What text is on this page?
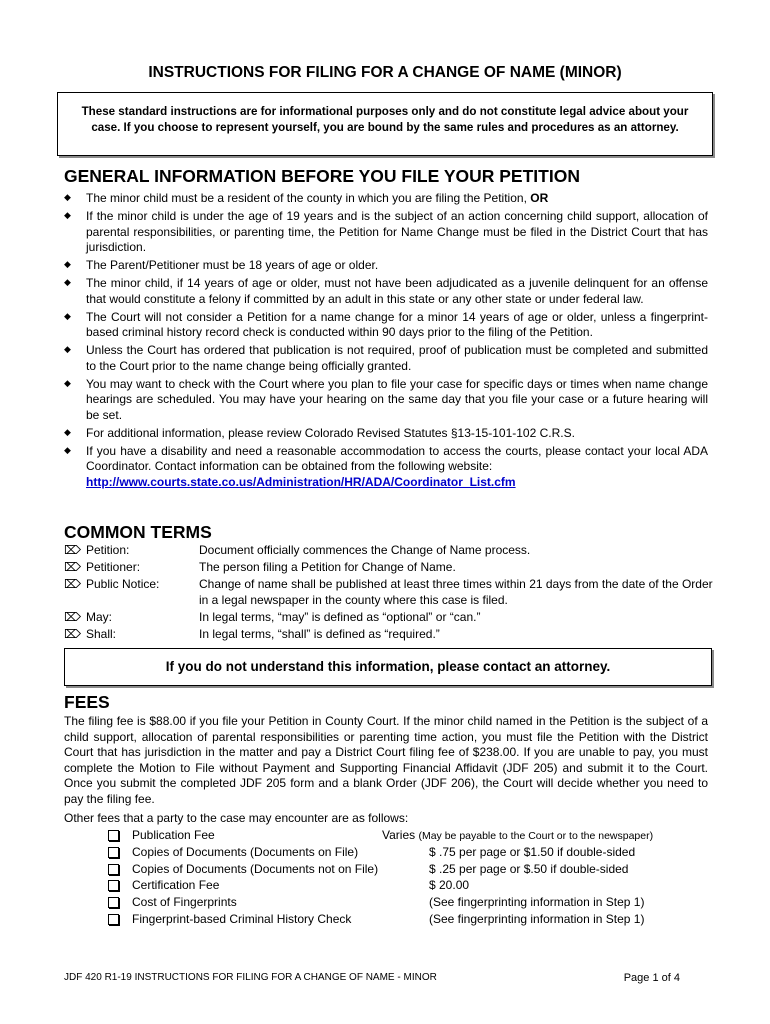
INSTRUCTIONS FOR FILING FOR A CHANGE OF NAME (MINOR)
These standard instructions are for informational purposes only and do not constitute legal advice about your case. If you choose to represent yourself, you are bound by the same rules and procedures as an attorney.
GENERAL INFORMATION BEFORE YOU FILE YOUR PETITION
◆ The minor child must be a resident of the county in which you are filing the Petition, OR
◆ If the minor child is under the age of 19 years and is the subject of an action concerning child support, allocation of parental responsibilities, or parenting time, the Petition for Name Change must be filed in the District Court that has jurisdiction.
◆ The Parent/Petitioner must be 18 years of age or older.
◆ The minor child, if 14 years of age or older, must not have been adjudicated as a juvenile delinquent for an offense that would constitute a felony if committed by an adult in this state or any other state or under federal law.
◆ The Court will not consider a Petition for a name change for a minor 14 years of age or older, unless a fingerprint-based criminal history record check is conducted within 90 days prior to the filing of the Petition.
◆ Unless the Court has ordered that publication is not required, proof of publication must be completed and submitted to the Court prior to the name change being officially granted.
◆ You may want to check with the Court where you plan to file your case for specific days or times when name change hearings are scheduled. You may have your hearing on the same day that you file your case or a future hearing will be set.
◆ For additional information, please review Colorado Revised Statutes §13-15-101-102 C.R.S.
◆ If you have a disability and need a reasonable accommodation to access the courts, please contact your local ADA Coordinator. Contact information can be obtained from the following website:
http://www.courts.state.co.us/Administration/HR/ADA/Coordinator_List.cfm
COMMON TERMS
⌦ Petition:	Document officially commences the Change of Name process.
⌦ Petitioner:	The person filing a Petition for Change of Name.
⌦ Public Notice:	Change of name shall be published at least three times within 21 days from the date of the Order in a legal newspaper in the county where this case is filed.
⌦ May:	In legal terms, “may” is defined as “optional” or “can.”
⌦ Shall:	In legal terms, “shall” is defined as “required.”
If you do not understand this information, please contact an attorney.
FEES
The filing fee is $88.00 if you file your Petition in County Court. If the minor child named in the Petition is the subject of a child support, allocation of parental responsibilities or parenting time action, you must file the Petition with the District Court that has jurisdiction in the matter and pay a District Court filing fee of $238.00. If you are unable to pay, you must complete the Motion to File without Payment and Supporting Financial Affidavit (JDF 205) and submit it to the Court. Once you submit the completed JDF 205 form and a blank Order (JDF 206), the Court will decide whether you need to pay the filing fee.
Other fees that a party to the case may encounter are as follows:
Publication Fee	Varies (May be payable to the Court or to the newspaper)
Copies of Documents (Documents on File)	$ .75 per page or $1.50 if double-sided
Copies of Documents (Documents not on File)	$ .25 per page or $.50 if double-sided
Certification Fee	$ 20.00
Cost of Fingerprints	(See fingerprinting information in Step 1)
Fingerprint-based Criminal History Check	(See fingerprinting information in Step 1)
JDF 420 R1-19 INSTRUCTIONS FOR FILING FOR A CHANGE OF NAME - MINOR	Page 1 of 4
